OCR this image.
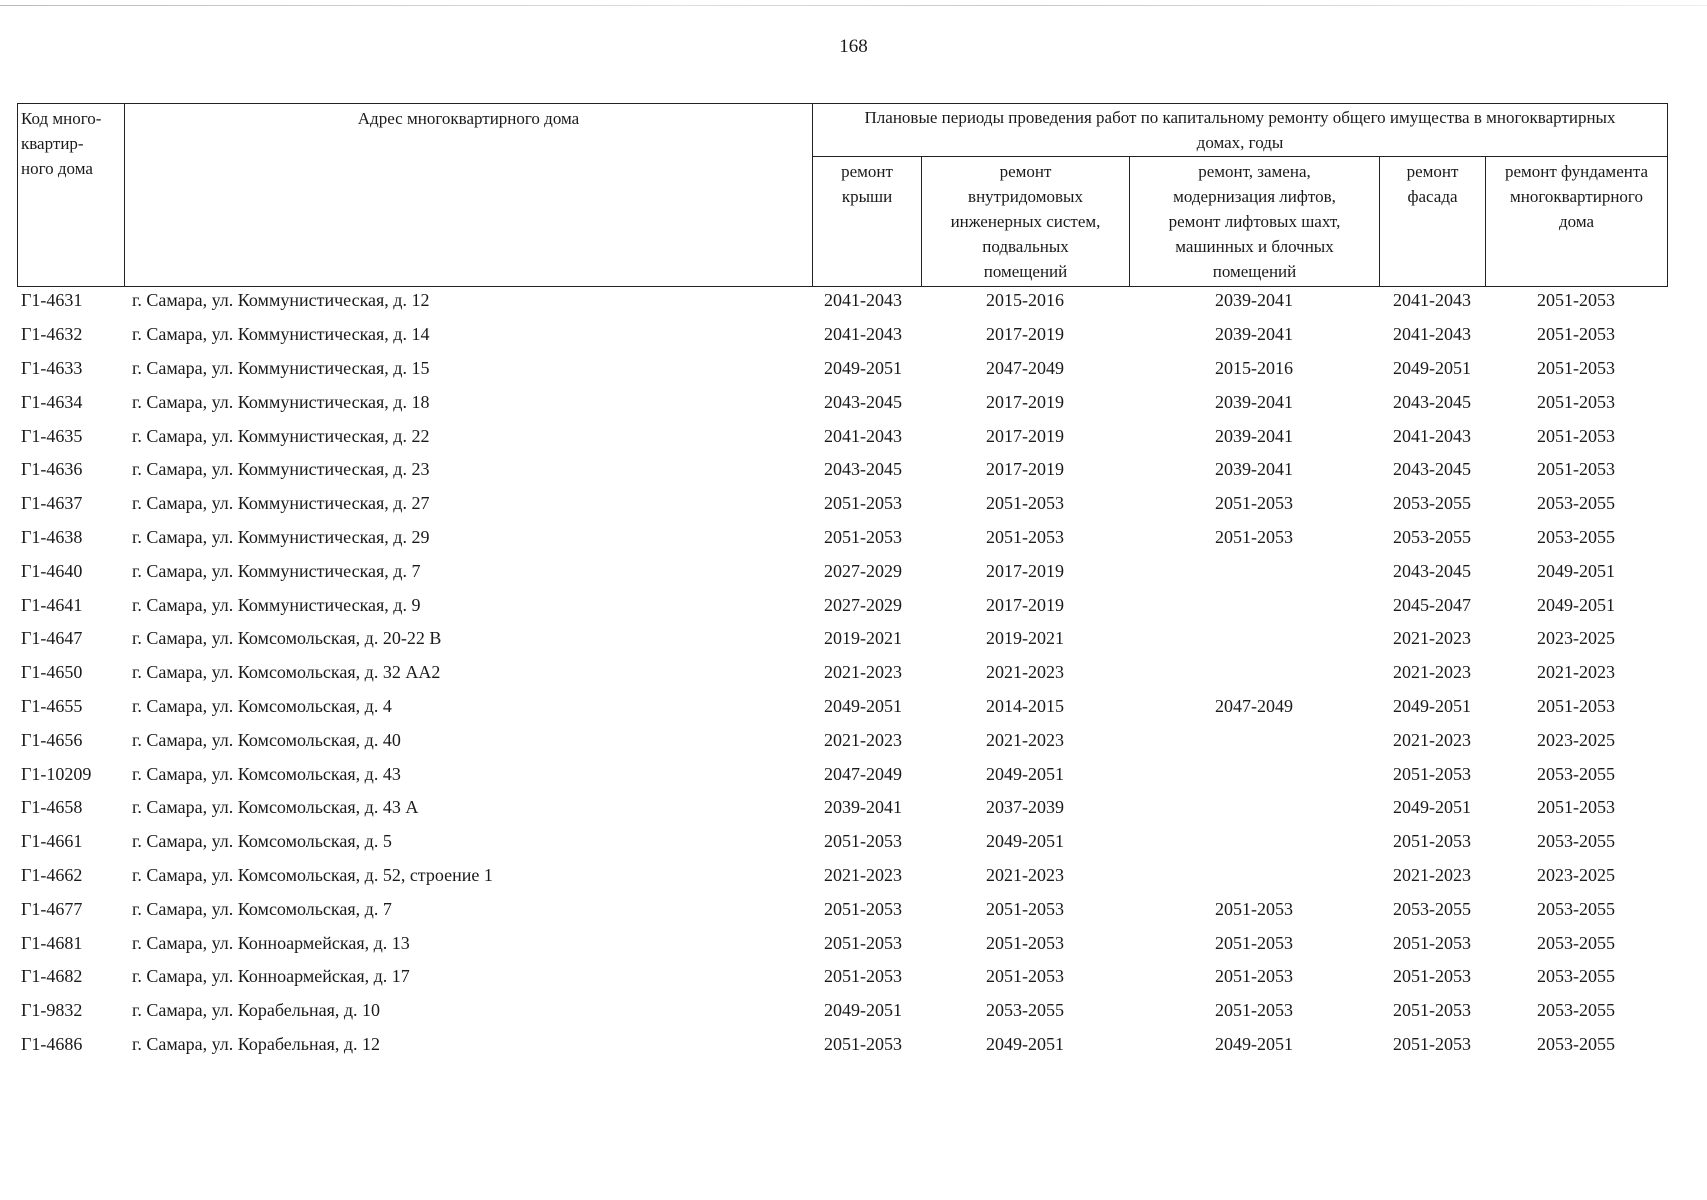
168
Код много-
квартир-
ного дома	Адрес многоквартирного дома	Плановые периоды проведения работ по капитальному ремонту общего имущества в многоквартирных домах, годы				

		ремонт
крыши	ремонт
внутридомовых
инженерных систем,
подвальных
помещений	ремонт, замена,
модернизация лифтов,
ремонт лифтовых шахт,
машинных и блочных
помещений	ремонт
фасада	ремонт фундамента
многоквартирного
дома
Г1-4631	г. Самара, ул. Коммунистическая, д. 12	2041-2043	2015-2016	2039-2041	2041-2043	2051-2053
Г1-4632	г. Самара, ул. Коммунистическая, д. 14	2041-2043	2017-2019	2039-2041	2041-2043	2051-2053
Г1-4633	г. Самара, ул. Коммунистическая, д. 15	2049-2051	2047-2049	2015-2016	2049-2051	2051-2053
Г1-4634	г. Самара, ул. Коммунистическая, д. 18	2043-2045	2017-2019	2039-2041	2043-2045	2051-2053
Г1-4635	г. Самара, ул. Коммунистическая, д. 22	2041-2043	2017-2019	2039-2041	2041-2043	2051-2053
Г1-4636	г. Самара, ул. Коммунистическая, д. 23	2043-2045	2017-2019	2039-2041	2043-2045	2051-2053
Г1-4637	г. Самара, ул. Коммунистическая, д. 27	2051-2053	2051-2053	2051-2053	2053-2055	2053-2055
Г1-4638	г. Самара, ул. Коммунистическая, д. 29	2051-2053	2051-2053	2051-2053	2053-2055	2053-2055
Г1-4640	г. Самара, ул. Коммунистическая, д. 7	2027-2029	2017-2019		2043-2045	2049-2051
Г1-4641	г. Самара, ул. Коммунистическая, д. 9	2027-2029	2017-2019		2045-2047	2049-2051
Г1-4647	г. Самара, ул. Комсомольская, д. 20-22 В	2019-2021	2019-2021		2021-2023	2023-2025
Г1-4650	г. Самара, ул. Комсомольская, д. 32 АА2	2021-2023	2021-2023		2021-2023	2021-2023
Г1-4655	г. Самара, ул. Комсомольская, д. 4	2049-2051	2014-2015	2047-2049	2049-2051	2051-2053
Г1-4656	г. Самара, ул. Комсомольская, д. 40	2021-2023	2021-2023		2021-2023	2023-2025
Г1-10209	г. Самара, ул. Комсомольская, д. 43	2047-2049	2049-2051		2051-2053	2053-2055
Г1-4658	г. Самара, ул. Комсомольская, д. 43 А	2039-2041	2037-2039		2049-2051	2051-2053
Г1-4661	г. Самара, ул. Комсомольская, д. 5	2051-2053	2049-2051		2051-2053	2053-2055
Г1-4662	г. Самара, ул. Комсомольская, д. 52, строение 1	2021-2023	2021-2023		2021-2023	2023-2025
Г1-4677	г. Самара, ул. Комсомольская, д. 7	2051-2053	2051-2053	2051-2053	2053-2055	2053-2055
Г1-4681	г. Самара, ул. Конноармейская, д. 13	2051-2053	2051-2053	2051-2053	2051-2053	2053-2055
Г1-4682	г. Самара, ул. Конноармейская, д. 17	2051-2053	2051-2053	2051-2053	2051-2053	2053-2055
Г1-9832	г. Самара, ул. Корабельная, д. 10	2049-2051	2053-2055	2051-2053	2051-2053	2053-2055
Г1-4686	г. Самара, ул. Корабельная, д. 12	2051-2053	2049-2051	2049-2051	2051-2053	2053-2055
